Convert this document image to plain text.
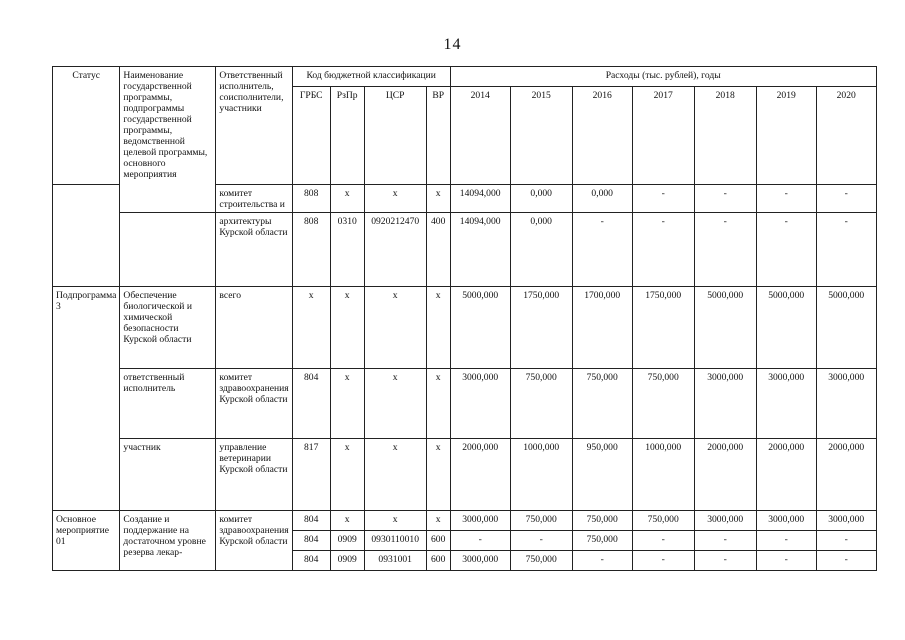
14
Статус	Наименование государственной программы, подпрограммы государственной программы, ведомственной целевой программы, основного мероприятия	Ответственный исполнитель, соисполнители, участники	Код бюджетной классификации				Расходы (тыс. рублей), годы						
			ГРБС	РзПр	ЦСР	ВР	2014	2015	2016	2017	2018	2019	2020
		комитет строительства и	808	х	х	х	14094,000	0,000	0,000	-	-	-	-
		архитектуры Курской области	808	0310	0920212470	400	14094,000	0,000	-	-	-	-	-
Подпрограмма 3	Обеспечение биологической и химической безопасности Курской области	всего	х	х	х	х	5000,000	1750,000	1700,000	1750,000	5000,000	5000,000	5000,000
	ответственный исполнитель	комитет здравоохранения Курской области	804	х	х	х	3000,000	750,000	750,000	750,000	3000,000	3000,000	3000,000
	участник	управление ветеринарии Курской области	817	х	х	х	2000,000	1000,000	950,000	1000,000	2000,000	2000,000	2000,000
Основное мероприятие 01	Создание и поддержание на достаточном уровне резерва лекар-	комитет здравоохранения Курской области	804	х	х	х	3000,000	750,000	750,000	750,000	3000,000	3000,000	3000,000
			804	0909	0930110010	600	-	-	750,000	-	-	-	-
			804	0909	0931001	600	3000,000	750,000	-	-	-	-	-
